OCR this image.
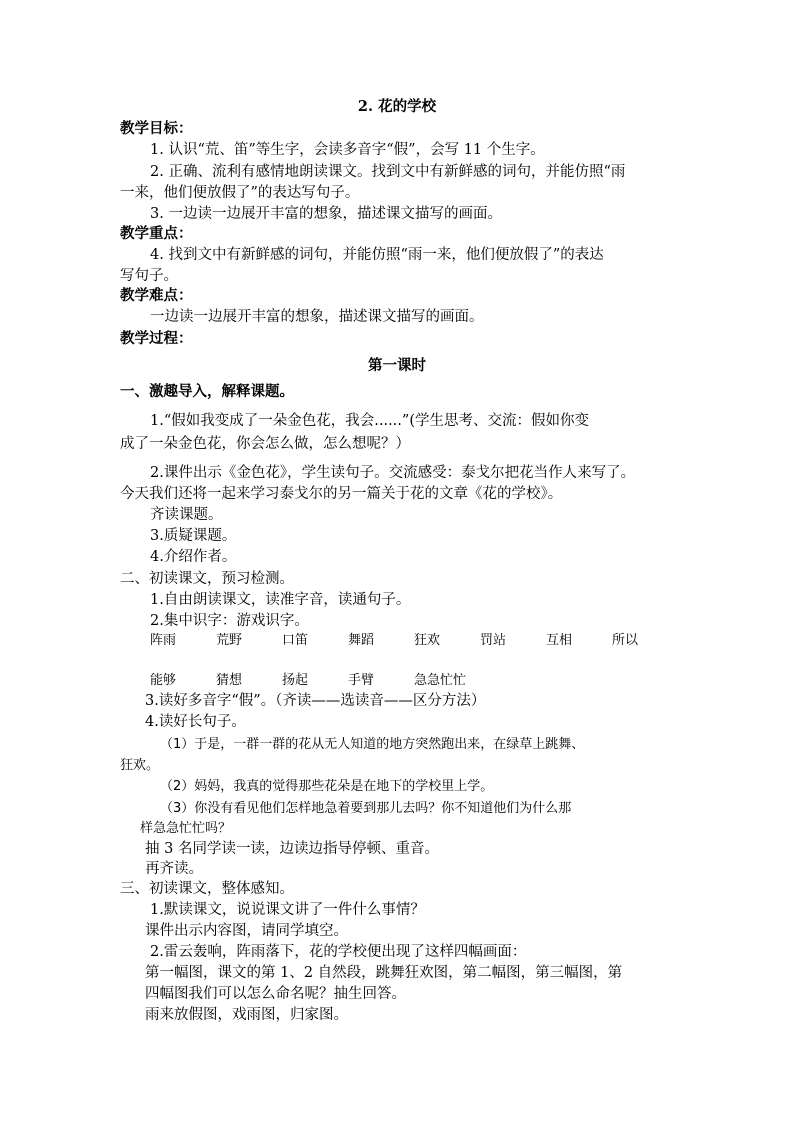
2. 花的学校
教学目标：
1. 认识“荒、笛”等生字，会读多音字“假”，会写 11 个生字。
2. 正确、流利有感情地朗读课文。找到文中有新鲜感的词句，并能仿照“雨
一来，他们便放假了”的表达写句子。
3. 一边读一边展开丰富的想象，描述课文描写的画面。
教学重点：
4. 找到文中有新鲜感的词句，并能仿照“雨一来，他们便放假了”的表达
写句子。
教学难点：
一边读一边展开丰富的想象，描述课文描写的画面。
教学过程：
第一课时
一、激趣导入，解释课题。
1.“假如我变成了一朵金色花，我会......”(学生思考、交流：假如你变
成了一朵金色花，你会怎么做，怎么想呢？）
2.课件出示《金色花》，学生读句子。交流感受：泰戈尔把花当作人来写了。
今天我们还将一起来学习泰戈尔的另一篇关于花的文章《花的学校》。
齐读课题。
3.质疑课题。
4.介绍作者。
二、初读课文，预习检测。
1.自由朗读课文，读准字音，读通句子。
2.集中识字：游戏识字。
阵雨	荒野	口笛	舞蹈	狂欢	罚站	互相	所以
能够	猜想	扬起	手臂	急急忙忙
3.读好多音字“假”。（齐读——选读音——区分方法）
4.读好长句子。
（1）于是，一群一群的花从无人知道的地方突然跑出来，在绿草上跳舞、
狂欢。
（2）妈妈，我真的觉得那些花朵是在地下的学校里上学。
（3）你没有看见他们怎样地急着要到那儿去吗？你不知道他们为什么那
样急急忙忙吗？
抽 3 名同学读一读，边读边指导停顿、重音。
再齐读。
三、初读课文，整体感知。
1.默读课文，说说课文讲了一件什么事情？
课件出示内容图，请同学填空。
2.雷云轰响，阵雨落下，花的学校便出现了这样四幅画面：
第一幅图，课文的第 1、2 自然段，跳舞狂欢图，第二幅图，第三幅图，第
四幅图我们可以怎么命名呢？抽生回答。
雨来放假图，戏雨图，归家图。
